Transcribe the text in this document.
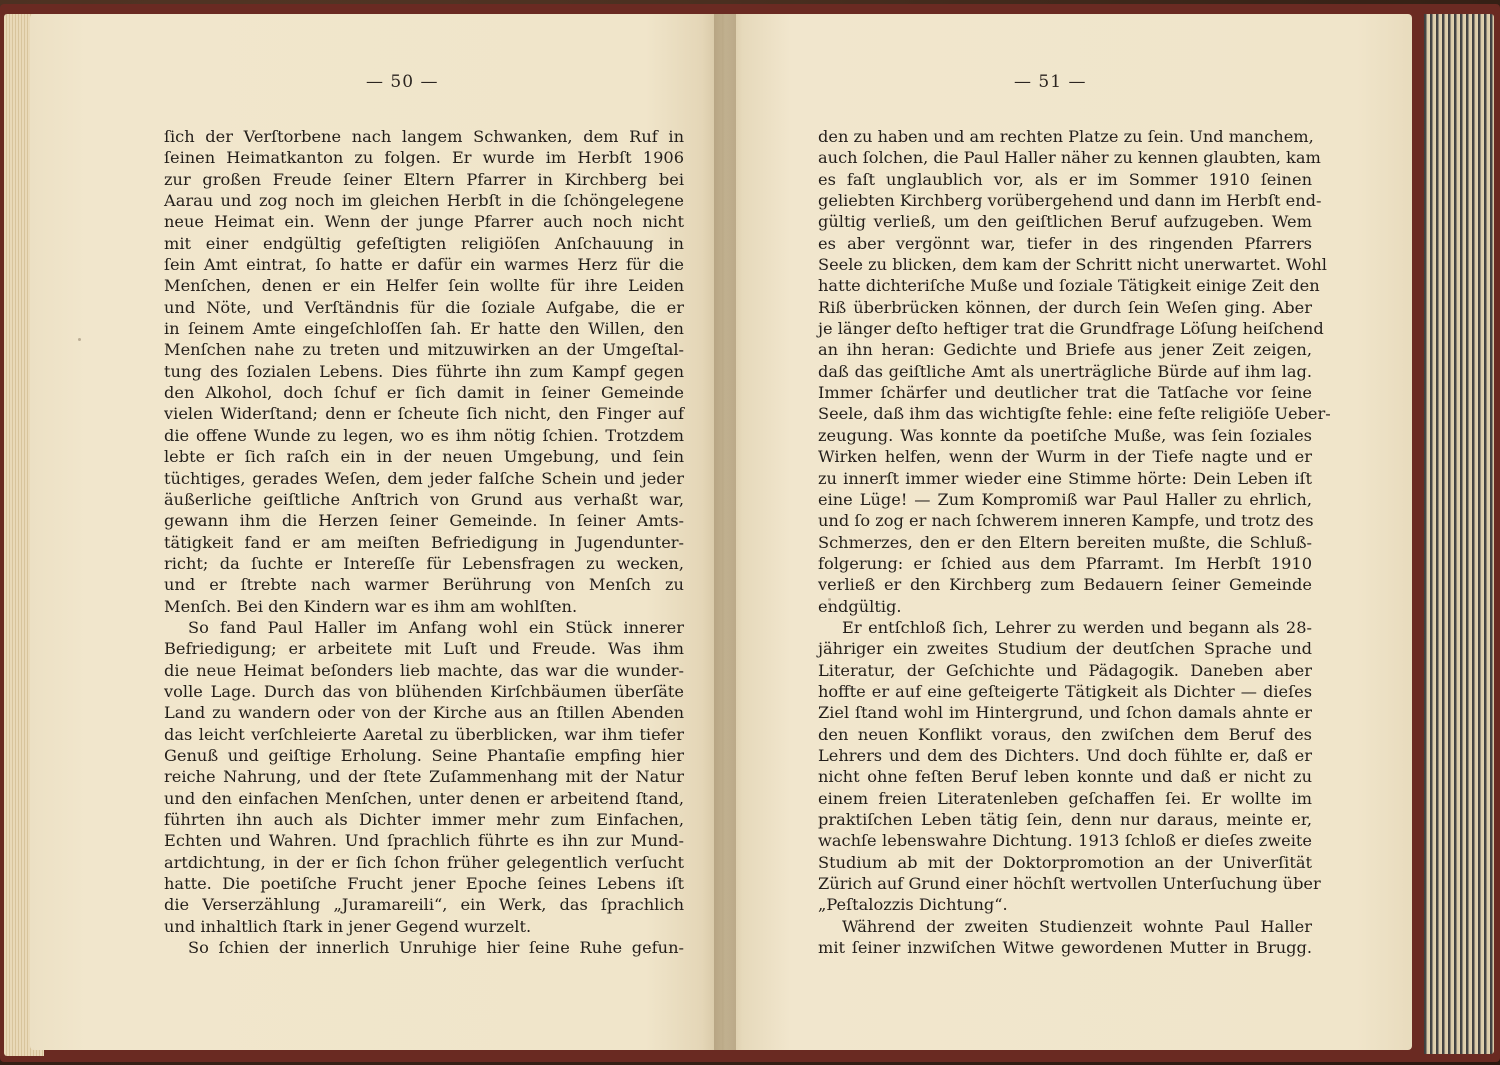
— 50 —
ſich der Verſtorbene nach langem Schwanken, dem Ruf in
ſeinen Heimatkanton zu folgen. Er wurde im Herbſt 1906
zur großen Freude ſeiner Eltern Pfarrer in Kirchberg bei
Aarau und zog noch im gleichen Herbſt in die ſchöngelegene
neue Heimat ein. Wenn der junge Pfarrer auch noch nicht
mit einer endgültig gefeſtigten religiöſen Anſchauung in
ſein Amt eintrat, ſo hatte er dafür ein warmes Herz für die
Menſchen, denen er ein Helfer ſein wollte für ihre Leiden
und Nöte, und Verſtändnis für die ſoziale Aufgabe, die er
in ſeinem Amte eingeſchloſſen ſah. Er hatte den Willen, den
Menſchen nahe zu treten und mitzuwirken an der Umgeſtal-
tung des ſozialen Lebens. Dies führte ihn zum Kampf gegen
den Alkohol, doch ſchuf er ſich damit in ſeiner Gemeinde
vielen Widerſtand; denn er ſcheute ſich nicht, den Finger auf
die offene Wunde zu legen, wo es ihm nötig ſchien. Trotzdem
lebte er ſich raſch ein in der neuen Umgebung, und ſein
tüchtiges, gerades Weſen, dem jeder falſche Schein und jeder
äußerliche geiſtliche Anſtrich von Grund aus verhaßt war,
gewann ihm die Herzen ſeiner Gemeinde. In ſeiner Amts-
tätigkeit fand er am meiſten Befriedigung in Jugendunter-
richt; da ſuchte er Intereſſe für Lebensfragen zu wecken,
und er ſtrebte nach warmer Berührung von Menſch zu
Menſch. Bei den Kindern war es ihm am wohlſten.
So fand Paul Haller im Anfang wohl ein Stück innerer
Befriedigung; er arbeitete mit Luſt und Freude. Was ihm
die neue Heimat beſonders lieb machte, das war die wunder-
volle Lage. Durch das von blühenden Kirſchbäumen überſäte
Land zu wandern oder von der Kirche aus an ſtillen Abenden
das leicht verſchleierte Aaretal zu überblicken, war ihm tiefer
Genuß und geiſtige Erholung. Seine Phantaſie empfing hier
reiche Nahrung, und der ſtete Zuſammenhang mit der Natur
und den einfachen Menſchen, unter denen er arbeitend ſtand,
führten ihn auch als Dichter immer mehr zum Einfachen,
Echten und Wahren. Und ſprachlich führte es ihn zur Mund-
artdichtung, in der er ſich ſchon früher gelegentlich verſucht
hatte. Die poetiſche Frucht jener Epoche ſeines Lebens iſt
die Verserzählung „Juramareili“, ein Werk, das ſprachlich
und inhaltlich ſtark in jener Gegend wurzelt.
So ſchien der innerlich Unruhige hier ſeine Ruhe gefun-
— 51 —
den zu haben und am rechten Platze zu ſein. Und manchem,
auch ſolchen, die Paul Haller näher zu kennen glaubten, kam
es faſt unglaublich vor, als er im Sommer 1910 ſeinen
geliebten Kirchberg vorübergehend und dann im Herbſt end-
gültig verließ, um den geiſtlichen Beruf aufzugeben. Wem
es aber vergönnt war, tiefer in des ringenden Pfarrers
Seele zu blicken, dem kam der Schritt nicht unerwartet. Wohl
hatte dichteriſche Muße und ſoziale Tätigkeit einige Zeit den
Riß überbrücken können, der durch ſein Weſen ging. Aber
je länger deſto heftiger trat die Grundfrage Löſung heiſchend
an ihn heran: Gedichte und Briefe aus jener Zeit zeigen,
daß das geiſtliche Amt als unerträgliche Bürde auf ihm lag.
Immer ſchärfer und deutlicher trat die Tatſache vor ſeine
Seele, daß ihm das wichtigſte fehle: eine feſte religiöſe Ueber-
zeugung. Was konnte da poetiſche Muße, was ſein ſoziales
Wirken helfen, wenn der Wurm in der Tiefe nagte und er
zu innerſt immer wieder eine Stimme hörte: Dein Leben iſt
eine Lüge! — Zum Kompromiß war Paul Haller zu ehrlich,
und ſo zog er nach ſchwerem inneren Kampfe, und trotz des
Schmerzes, den er den Eltern bereiten mußte, die Schluß-
folgerung: er ſchied aus dem Pfarramt. Im Herbſt 1910
verließ er den Kirchberg zum Bedauern ſeiner Gemeinde
endgültig.
Er entſchloß ſich, Lehrer zu werden und begann als 28-
jähriger ein zweites Studium der deutſchen Sprache und
Literatur, der Geſchichte und Pädagogik. Daneben aber
hoffte er auf eine geſteigerte Tätigkeit als Dichter — dieſes
Ziel ſtand wohl im Hintergrund, und ſchon damals ahnte er
den neuen Konflikt voraus, den zwiſchen dem Beruf des
Lehrers und dem des Dichters. Und doch fühlte er, daß er
nicht ohne feſten Beruf leben konnte und daß er nicht zu
einem freien Literatenleben geſchaffen ſei. Er wollte im
praktiſchen Leben tätig ſein, denn nur daraus, meinte er,
wachſe lebenswahre Dichtung. 1913 ſchloß er dieſes zweite
Studium ab mit der Doktorpromotion an der Univerſität
Zürich auf Grund einer höchſt wertvollen Unterſuchung über
„Peſtalozzis Dichtung“.
Während der zweiten Studienzeit wohnte Paul Haller
mit ſeiner inzwiſchen Witwe gewordenen Mutter in Brugg.
